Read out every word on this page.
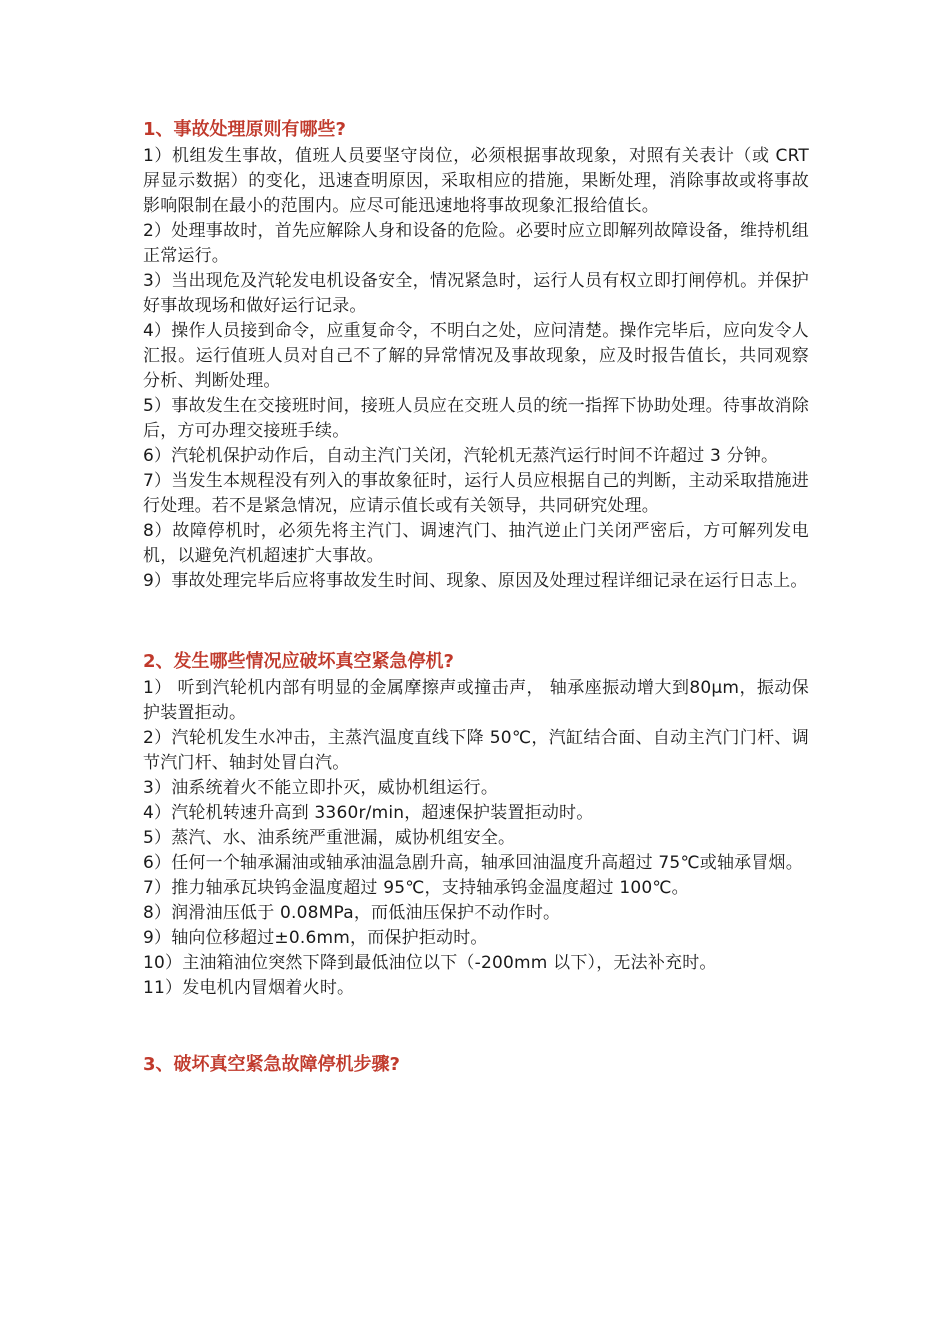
1、事故处理原则有哪些?

1）机组发生事故，值班人员要坚守岗位，必须根据事故现象，对照有关表计（或 CRT 屏显示数据）的变化，迅速查明原因，采取相应的措施，果断处理，消除事故或将事故影响限制在最小的范围内。应尽可能迅速地将事故现象汇报给值长。

2）处理事故时，首先应解除人身和设备的危险。必要时应立即解列故障设备，维持机组正常运行。

3）当出现危及汽轮发电机设备安全，情况紧急时，运行人员有权立即打闸停机。并保护好事故现场和做好运行记录。

4）操作人员接到命令，应重复命令，不明白之处，应问清楚。操作完毕后，应向发令人汇报。运行值班人员对自己不了解的异常情况及事故现象，应及时报告值长，共同观察分析、判断处理。

5）事故发生在交接班时间，接班人员应在交班人员的统一指挥下协助处理。待事故消除后，方可办理交接班手续。

6）汽轮机保护动作后，自动主汽门关闭，汽轮机无蒸汽运行时间不许超过 3 分钟。

7）当发生本规程没有列入的事故象征时，运行人员应根据自己的判断，主动采取措施进行处理。若不是紧急情况，应请示值长或有关领导，共同研究处理。

8）故障停机时，必须先将主汽门、调速汽门、抽汽逆止门关闭严密后，方可解列发电机，以避免汽机超速扩大事故。

9）事故处理完毕后应将事故发生时间、现象、原因及处理过程详细记录在运行日志上。

2、发生哪些情况应破坏真空紧急停机?

1） 听到汽轮机内部有明显的金属摩擦声或撞击声， 轴承座振动增大到80μm，振动保护装置拒动。

2）汽轮机发生水冲击，主蒸汽温度直线下降 50℃，汽缸结合面、自动主汽门门杆、调节汽门杆、轴封处冒白汽。

3）油系统着火不能立即扑灭，威协机组运行。

4）汽轮机转速升高到 3360r/min，超速保护装置拒动时。

5）蒸汽、水、油系统严重泄漏，威协机组安全。

6）任何一个轴承漏油或轴承油温急剧升高，轴承回油温度升高超过 75℃或轴承冒烟。

7）推力轴承瓦块钨金温度超过 95℃，支持轴承钨金温度超过 100℃。

8）润滑油压低于 0.08MPa，而低油压保护不动作时。

9）轴向位移超过±0.6mm，而保护拒动时。

10）主油箱油位突然下降到最低油位以下（-200mm 以下），无法补充时。

11）发电机内冒烟着火时。

3、破坏真空紧急故障停机步骤?
